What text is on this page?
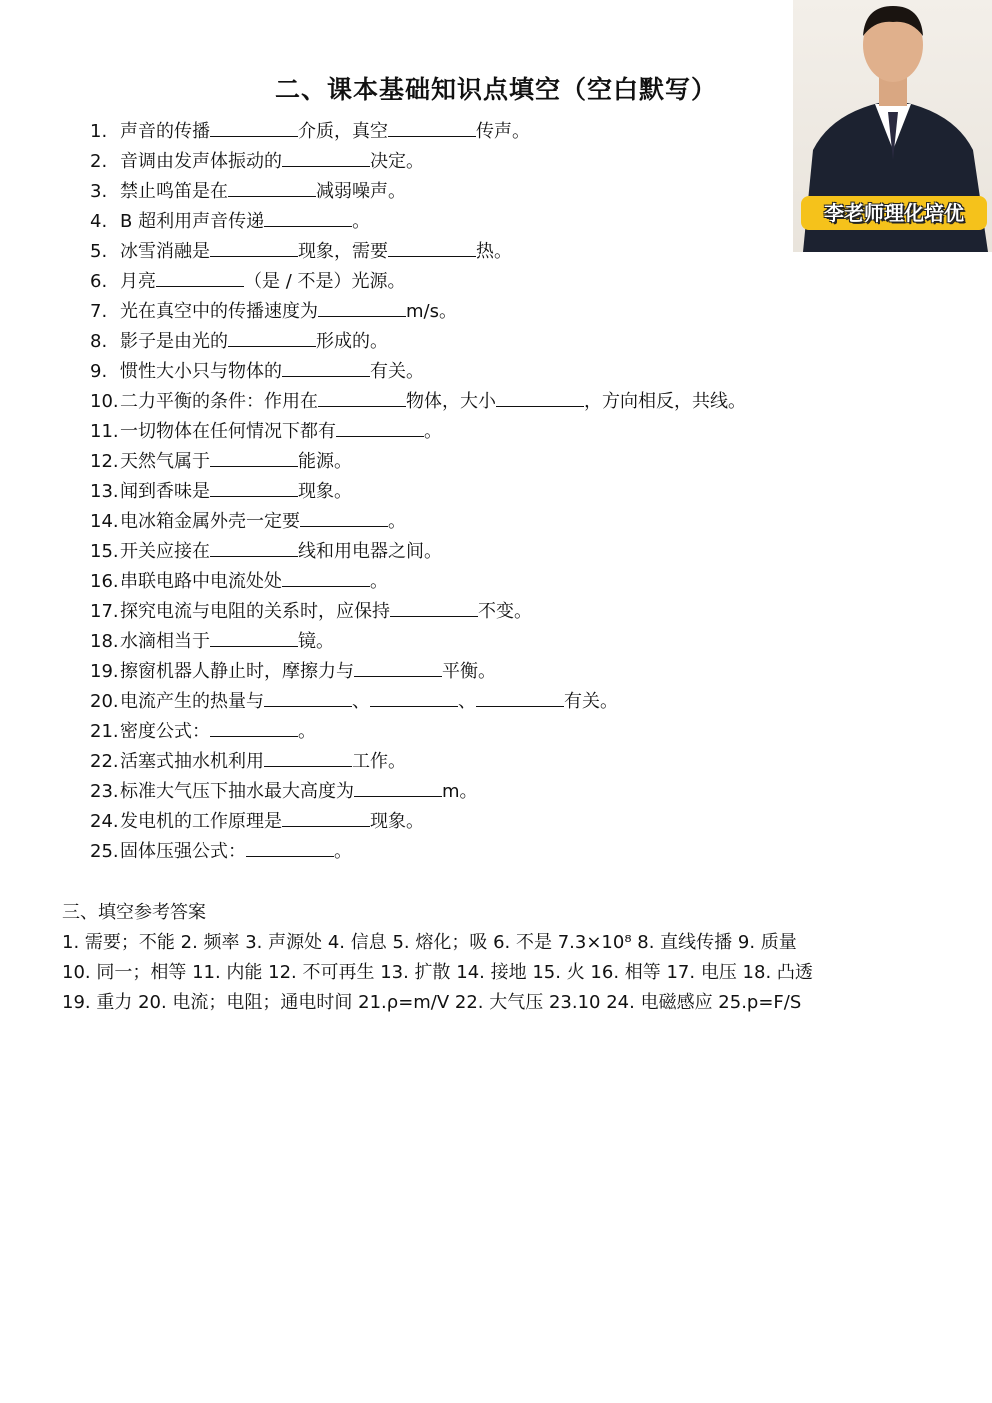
二、课本基础知识点填空（空白默写）
1. 声音的传播	介质，真空	传声。
2. 音调由发声体振动的	决定。
3. 禁止鸣笛是在	减弱噪声。
4. B 超利用声音传递	。
5. 冰雪消融是	现象，需要	热。
6. 月亮	（是 / 不是）光源。
7. 光在真空中的传播速度为	m/s。
8. 影子是由光的	形成的。
9. 惯性大小只与物体的	有关。
10.二力平衡的条件：作用在	物体，大小	，方向相反，共线。
11.一切物体在任何情况下都有	。
12.天然气属于	能源。
13.闻到香味是	现象。
14.电冰箱金属外壳一定要	。
15.开关应接在	线和用电器之间。
16.串联电路中电流处处	。
17.探究电流与电阻的关系时，应保持	不变。
18.水滴相当于	镜。
19.擦窗机器人静止时，摩擦力与	平衡。
20.电流产生的热量与	、	、	有关。
21.密度公式：	。
22.活塞式抽水机利用	工作。
23.标准大气压下抽水最大高度为	m。
24.发电机的工作原理是	现象。
25.固体压强公式：	。
三、填空参考答案
1. 需要；不能 2. 频率 3. 声源处 4. 信息 5. 熔化；吸 6. 不是 7.3×10⁸ 8. 直线传播 9. 质量
10. 同一；相等 11. 内能 12. 不可再生 13. 扩散 14. 接地 15. 火 16. 相等 17. 电压 18. 凸透
19. 重力 20. 电流；电阻；通电时间 21.ρ=m/V 22. 大气压 23.10 24. 电磁感应 25.p=F/S
李老师理化培优
